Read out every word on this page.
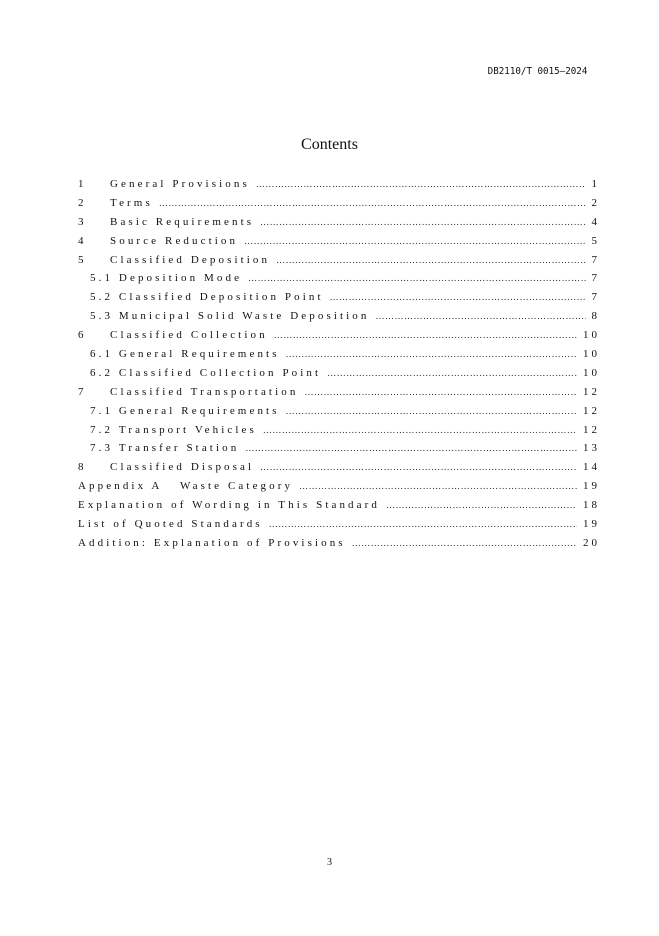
DB2110/T 0015—2024
Contents
1 General Provisions ……………………………………………………………………………………………………………………………………	1
2 Terms ……………………………………………………………………………………………………………………………………	2
3 Basic Requirements ……………………………………………………………………………………………………………………………………	4
4 Source Reduction ……………………………………………………………………………………………………………………………………	5
5 Classified Deposition ……………………………………………………………………………………………………………………………………	7
5.1 Deposition Mode ……………………………………………………………………………………………………………………………………	7
5.2 Classified Deposition Point ……………………………………………………………………………………………………………………………………	7
5.3 Municipal Solid Waste Deposition ……………………………………………………………………………………………………………………………………	8
6 Classified Collection ……………………………………………………………………………………………………………………………………	10
6.1 General Requirements ……………………………………………………………………………………………………………………………………	10
6.2 Classified Collection Point ……………………………………………………………………………………………………………………………………	10
7 Classified Transportation ……………………………………………………………………………………………………………………………………	12
7.1 General Requirements ……………………………………………………………………………………………………………………………………	12
7.2 Transport Vehicles ……………………………………………………………………………………………………………………………………	12
7.3 Transfer Station ……………………………………………………………………………………………………………………………………	13
8 Classified Disposal ……………………………………………………………………………………………………………………………………	14
Appendix A Waste Category ……………………………………………………………………………………………………………………………………	19
Explanation of Wording in This Standard ……………………………………………………………………………………………………………………………………	18
List of Quoted Standards ……………………………………………………………………………………………………………………………………	19
Addition: Explanation of Provisions ……………………………………………………………………………………………………………………………………	20
3
